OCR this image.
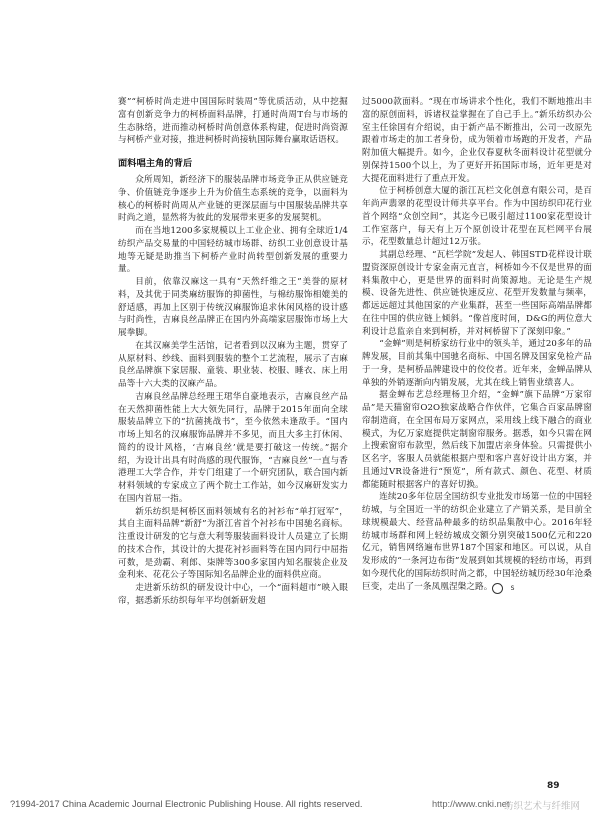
赛”“柯桥时尚走进中国国际时装周”等优质活动，从中挖掘富有创新竞争力的柯桥面料品牌，打通时尚周T台与市场的生态脉络，进而推动柯桥时尚创意体系构建，促进时尚资源与柯桥产业对接，推进柯桥时尚接轨国际舞台赢取话语权。

面料唱主角的背后

众所周知，新经济下的服装品牌市场竞争正从供应链竞争、价值链竞争逐步上升为价值生态系统的竞争，以面料为核心的柯桥时尚周从产业链的更深层面与中国服装品牌共享时尚之道，显然将为彼此的发展带来更多的发展契机。

而在当地1200多家规模以上工业企业、拥有全球近1/4纺织产品交易量的中国轻纺城市场群、纺织工业创意设计基地等无疑是助推当下柯桥产业时尚转型创新发展的重要力量。

目前，依靠汉麻这一具有“天然纤维之王”美誉的原材料，及其优于同类麻纺服饰的抑菌性，与棉纺服饰相媲美的舒适感，再加上区别于传统汉麻服饰追求休闲风格的设计感与时尚性，吉麻良丝品牌正在国内外高端家居服饰市场上大展拳脚。

在其汉麻美学生活馆，记者看到以汉麻为主题，贯穿了从原材料、纱线、面料到服装的整个工艺流程，展示了吉麻良丝品牌旗下家居服、童装、职业装、校服、睡衣、床上用品等十六大类的汉麻产品。

吉麻良丝品牌总经理王珺华自豪地表示，吉麻良丝产品在天然抑菌性能上大大领先同行，品牌于2015年面向全球服装品牌立下的“抗菌挑战书”，至今依然未逢敌手。“国内市场上知名的汉麻服饰品牌并不多见，而且大多主打休闲、简约的设计风格，‘吉麻良丝’就是要打破这一传统。”据介绍，为设计出具有时尚感的现代服饰，“吉麻良丝”一直与香港理工大学合作，并专门组建了一个研究团队，联合国内新材料领域的专家成立了两个院士工作站，如今汉麻研发实力在国内首屈一指。

新乐纺织是柯桥区面料领域有名的衬衫布“单打冠军”，其自主面料品牌“新舒”为浙江省首个衬衫布中国驰名商标。注重设计研发的它与意大利等服装面料设计人员建立了长期的技术合作，其设计的大提花衬衫面料等在国内同行中屈指可数，是劲霸、利郎、柒牌等300多家国内知名服装企业及金利来、花花公子等国际知名品牌企业的面料供应商。

走进新乐纺织的研发设计中心，一个“面料超市”映入眼帘，据悉新乐纺织每年平均创新研发超

过5000款面料。“现在市场讲求个性化，我们不断地推出丰富的原创面料，诉诸权益掌握在了自己手上。”新乐纺织办公室主任徐国有介绍说，由于新产品不断推出，公司一改原先跟着市场走的加工者身份，成为领着市场跑的开发者，产品附加值大幅提升。如今，企业仅春夏秋冬面料设计花型就分别保持1500个以上，为了更好开拓国际市场，近年更是对大提花面料进行了重点开发。

位于柯桥创意大厦的浙江瓦栏文化创意有限公司，是百年尚声翡翠的花型设计师共享平台。作为中国纺织印花行业首个网络“众创空间”，其迄今已吸引超过1100家花型设计工作室落户，每天有上万个原创设计花型在瓦栏网平台展示，花型数量总计超过12万张。

其副总经理、“瓦栏学院”发起人、韩国STD花样设计联盟资深原创设计专家金南元直言，柯桥如今不仅是世界的面料集散中心，更是世界的面料时尚策源地。无论是生产规模、设备先进性、供应链快速反应、花型开发数量与频率，都远远超过其他国家的产业集群，甚至一些国际高端品牌都在往中国的供应链上倾斜。“像首度时间，D&G的两位意大利设计总监亲自来到柯桥，并对柯桥留下了深刻印象。”

“金蝉”则是柯桥家纺行业中的领头羊，通过20多年的品牌发展，目前其集中国驰名商标、中国名牌及国家免检产品于一身，是柯桥品牌建设中的佼佼者。近年来，金蝉品牌从单独的外销逐渐向内销发展，尤其在线上销售业绩喜人。

据金蝉布艺总经理杨卫介绍，“金蝉”旗下品牌“万家帘品”是天猫窗帘O2O独家战略合作伙伴，它集合百家品牌窗帘制造商，在全国布局万家网点，采用线上线下融合的商业模式，为亿万家庭提供定制窗帘服务。据悉，如今只需在网上搜索窗帘布款型，然后线下加盟店亲身体验。只需提供小区名字，客服人员就能根据户型和客户喜好设计出方案，并且通过VR设备进行“预览”，所有款式、颜色、花型、材质都能随时根据客户的喜好切换。

连续20多年位居全国纺织专业批发市场第一位的中国轻纺城，与全国近一半的纺织企业建立了产销关系，是目前全球规模最大、经营品种最多的纺织品集散中心。2016年轻纺城市场群和网上轻纺城成交额分别突破1500亿元和220亿元，销售网络遍布世界187个国家和地区。可以说，从自发形成的“一条河边布街”发展到如其规模的轻纺市场，再到如今现代化的国际纺织时尚之都，中国轻纺城历经30年沧桑巨变，走出了一条凤凰涅槃之路。	S

89
?1994-2017 China Academic Journal Electronic Publishing House. All rights reserved.	http://www.cnki.net
纺织艺术与纤维网
